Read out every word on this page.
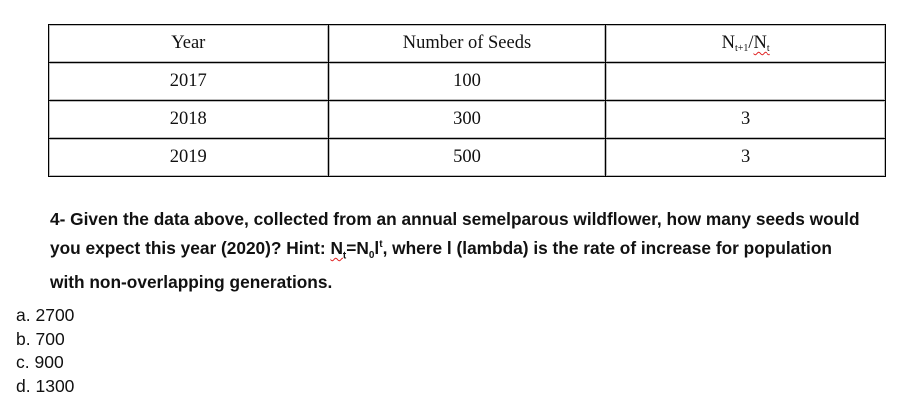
Year	Number of Seeds	$N_{t+1}/N_t$
2017	100	
2018	300	3
2019	500	3

4- Given the data above, collected from an annual semelparous wildflower, how many seeds would you expect this year (2020)? Hint: $N_t=N_0l^t$, where l (lambda) is the rate of increase for population with non-overlapping generations.

a. 2700
b. 700
c. 900
d. 1300
